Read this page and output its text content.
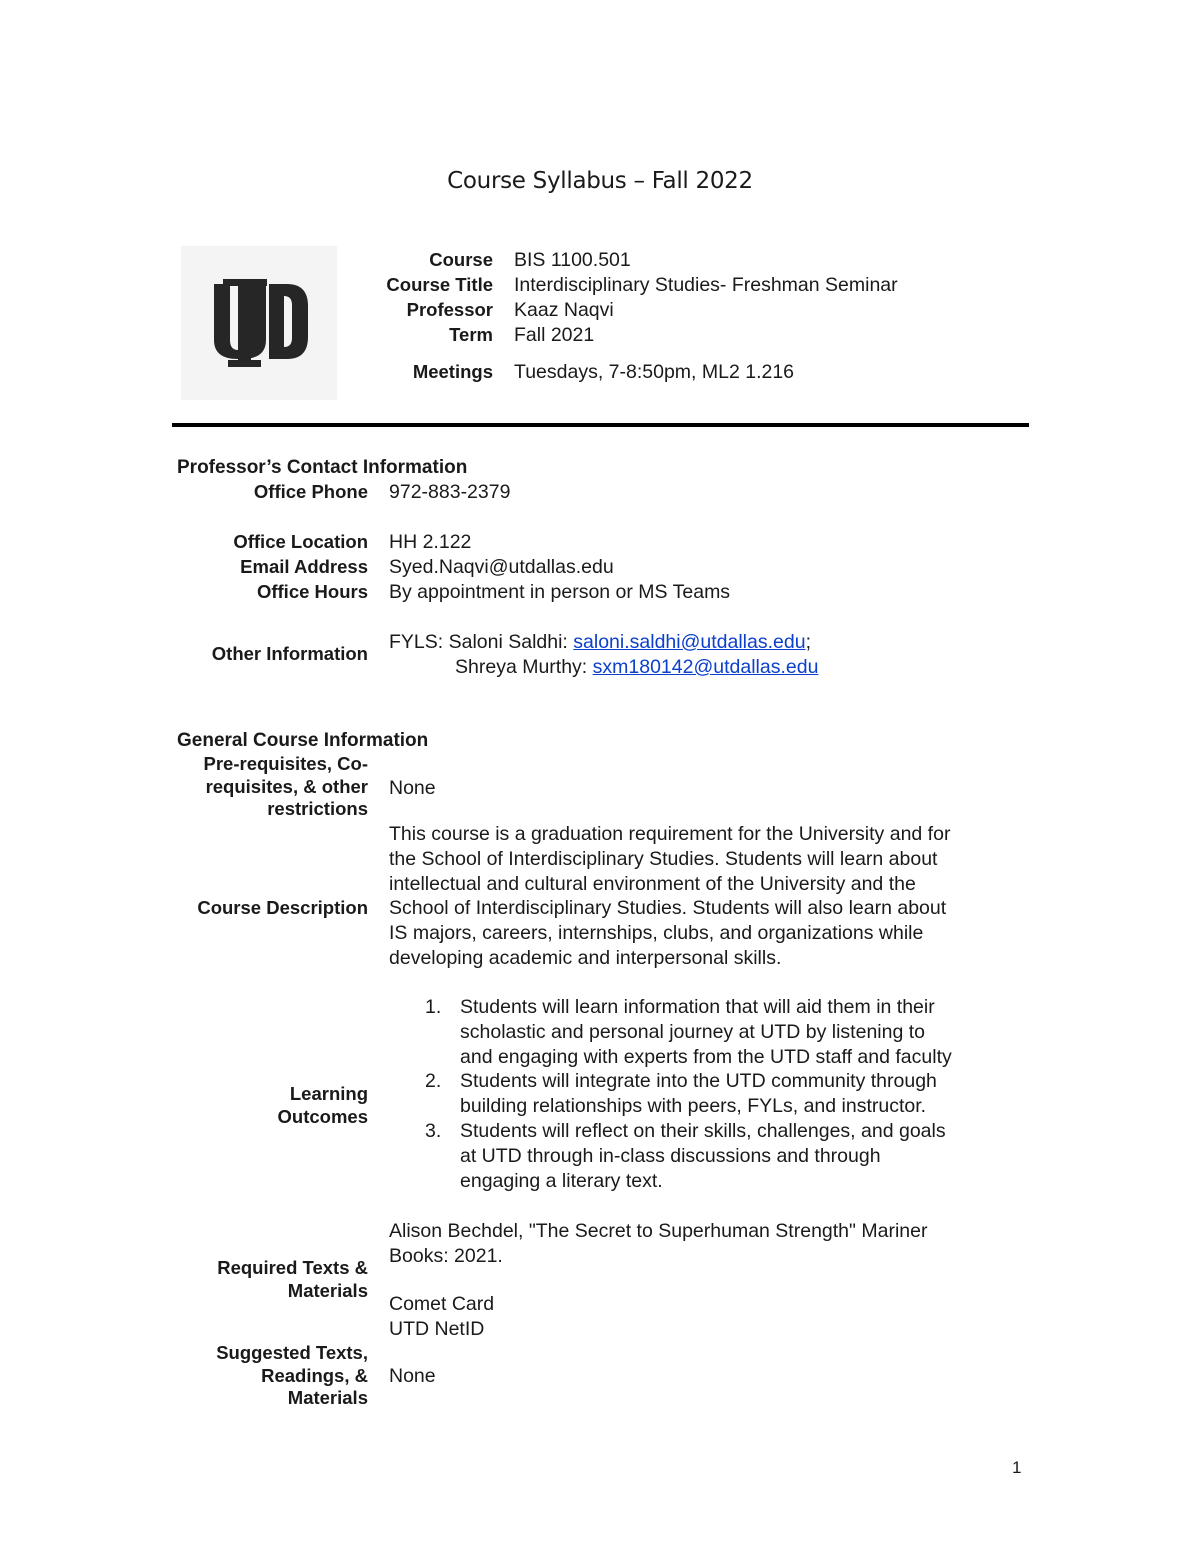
Course Syllabus – Fall 2022
Course BIS 1100.501
Course Title Interdisciplinary Studies- Freshman Seminar
Professor Kaaz Naqvi
Term Fall 2021
Meetings Tuesdays, 7-8:50pm, ML2 1.216
Professor’s Contact Information
Office Phone 972-883-2379
Office Location HH 2.122
Email Address Syed.Naqvi@utdallas.edu
Office Hours By appointment in person or MS Teams
Other Information
FYLS: Saloni Saldhi: saloni.saldhi@utdallas.edu;
Shreya Murthy: sxm180142@utdallas.edu
General Course Information
Pre-requisites, Co-
requisites, & other
restrictions
None
Course Description
This course is a graduation requirement for the University and for
the School of Interdisciplinary Studies. Students will learn about
intellectual and cultural environment of the University and the
School of Interdisciplinary Studies. Students will also learn about
IS majors, careers, internships, clubs, and organizations while
developing academic and interpersonal skills.
Learning
Outcomes
1. Students will learn information that will aid them in their
scholastic and personal journey at UTD by listening to
and engaging with experts from the UTD staff and faculty
2. Students will integrate into the UTD community through
building relationships with peers, FYLs, and instructor.
3. Students will reflect on their skills, challenges, and goals
at UTD through in-class discussions and through
engaging a literary text.
Required Texts &
Materials
Alison Bechdel, "The Secret to Superhuman Strength" Mariner
Books: 2021.
Comet Card
UTD NetID
Suggested Texts,
Readings, &
Materials
None
1
